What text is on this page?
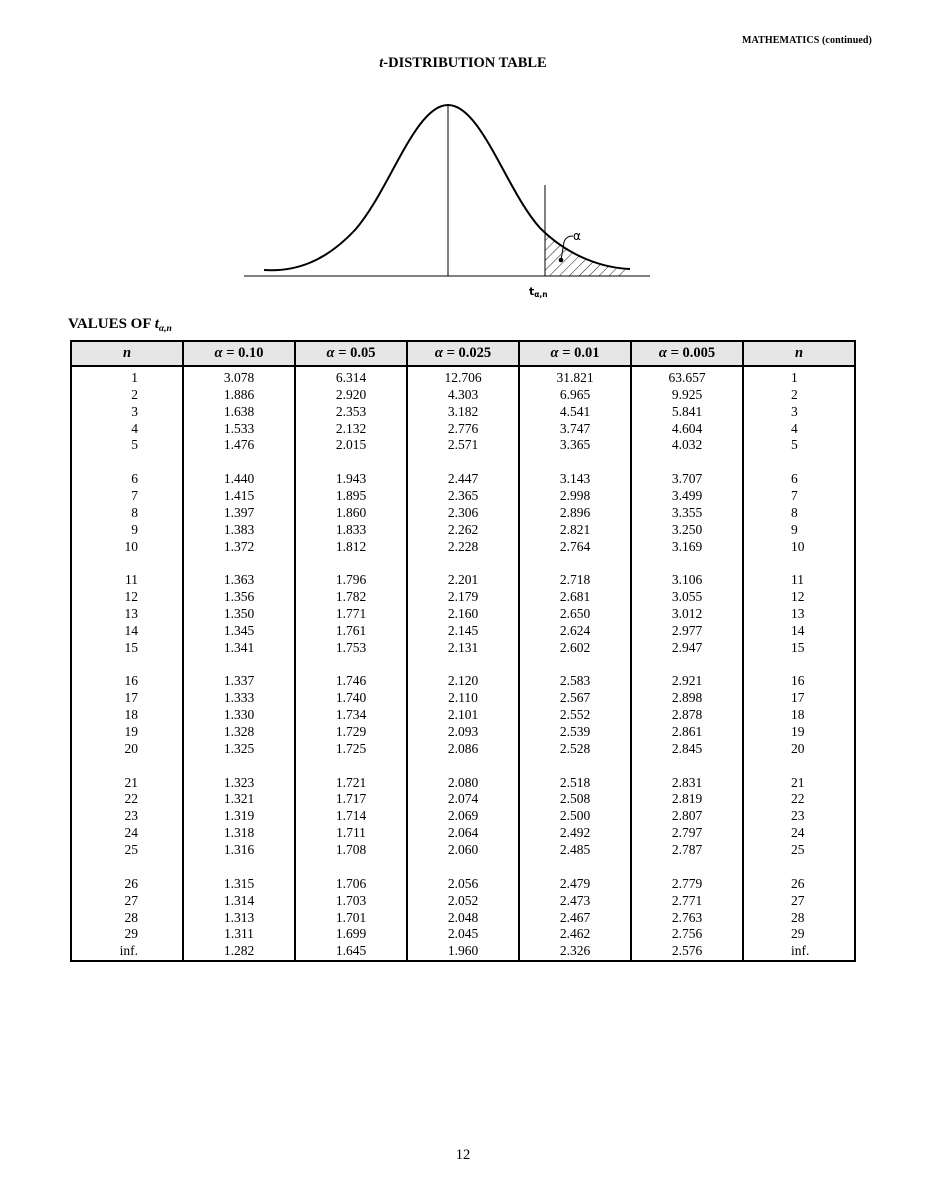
MATHEMATICS (continued)
t-DISTRIBUTION TABLE
α
tα,n
VALUES OF $t_{\alpha,n}$
n	α = 0.10	α = 0.05	α = 0.025	α = 0.01	α = 0.005	n
1	3.078	6.314	12.706	31.821	63.657	1
2	1.886	2.920	4.303	6.965	9.925	2
3	1.638	2.353	3.182	4.541	5.841	3
4	1.533	2.132	2.776	3.747	4.604	4
5	1.476	2.015	2.571	3.365	4.032	5

6	1.440	1.943	2.447	3.143	3.707	6
7	1.415	1.895	2.365	2.998	3.499	7
8	1.397	1.860	2.306	2.896	3.355	8
9	1.383	1.833	2.262	2.821	3.250	9
10	1.372	1.812	2.228	2.764	3.169	10

11	1.363	1.796	2.201	2.718	3.106	11
12	1.356	1.782	2.179	2.681	3.055	12
13	1.350	1.771	2.160	2.650	3.012	13
14	1.345	1.761	2.145	2.624	2.977	14
15	1.341	1.753	2.131	2.602	2.947	15

16	1.337	1.746	2.120	2.583	2.921	16
17	1.333	1.740	2.110	2.567	2.898	17
18	1.330	1.734	2.101	2.552	2.878	18
19	1.328	1.729	2.093	2.539	2.861	19
20	1.325	1.725	2.086	2.528	2.845	20

21	1.323	1.721	2.080	2.518	2.831	21
22	1.321	1.717	2.074	2.508	2.819	22
23	1.319	1.714	2.069	2.500	2.807	23
24	1.318	1.711	2.064	2.492	2.797	24
25	1.316	1.708	2.060	2.485	2.787	25

26	1.315	1.706	2.056	2.479	2.779	26
27	1.314	1.703	2.052	2.473	2.771	27
28	1.313	1.701	2.048	2.467	2.763	28
29	1.311	1.699	2.045	2.462	2.756	29
inf.	1.282	1.645	1.960	2.326	2.576	inf.
12
